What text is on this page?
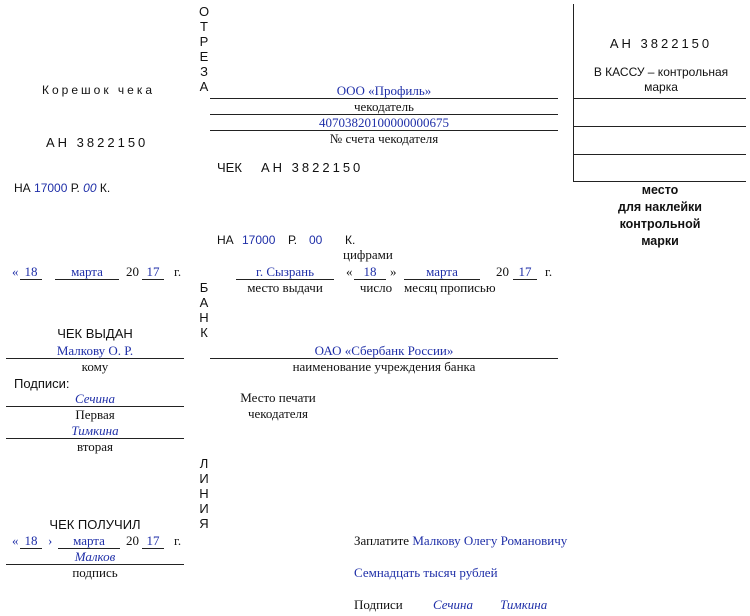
Корешок чека
АН 3822150
НА 17000 Р. 00 К.
« 18	марта	20 17	г.
ЧЕК ВЫДАН
Малкову О. Р.
кому
Подписи:
Сечина
Первая
Тимкина
вторая
ЧЕК ПОЛУЧИЛ
« 18 ›	марта	20 17	г.
Малков
подпись
О
Т
Р
Е
З
А
Б
А
Н
К
Л
И
Н
И
Я
ООО «Профиль»
чекодатель
40703820100000000675
№ счета чекодателя
ЧЕК АН 3822150
НА 17000 Р. 00 К.
цифрами
г. Сызрань
место выдачи
« 18	»
число
марта
месяц прописью
20 17	г.
ОАО «Сбербанк России»
наименование учреждения банка
Место печати
чекодателя
Заплатите Малкову Олегу Романовичу
Семнадцать тысяч рублей
Подписи Сечина Тимкина
АН 3822150
В КАССУ – контрольная
марка
место
для наклейки
контрольной
марки
